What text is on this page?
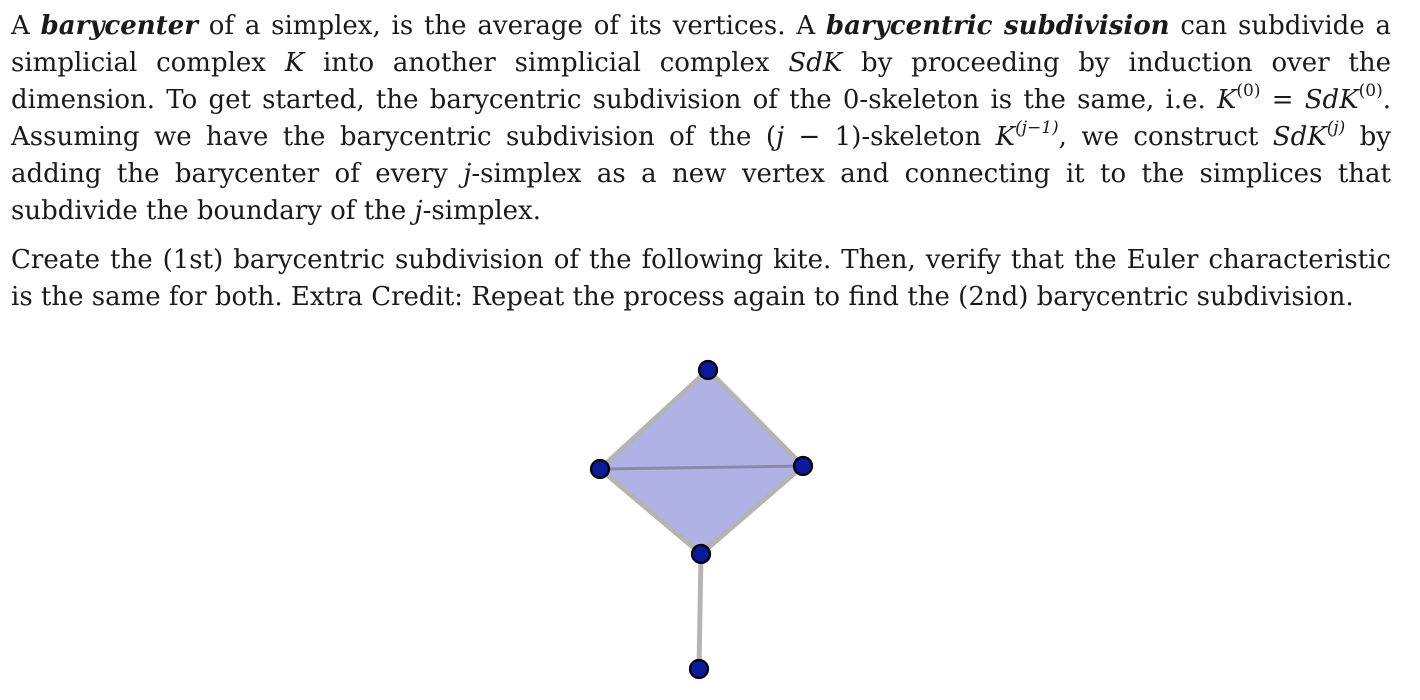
A barycenter of a simplex, is the average of its vertices. A barycentric subdivision can subdivide a simplicial complex K into another simplicial complex SdK by proceeding by induction over the dimension. To get started, the barycentric subdivision of the 0-skeleton is the same, i.e. $K^{(0)} = SdK^{(0)}$. Assuming we have the barycentric subdivision of the (j − 1)-skeleton $K^{(j-1)}$, we construct SdK$^{(j)}$ by adding the barycenter of every j-simplex as a new vertex and connecting it to the simplices that subdivide the boundary of the j-simplex.

Create the (1st) barycentric subdivision of the following kite. Then, verify that the Euler characteristic is the same for both. Extra Credit: Repeat the process again to find the (2nd) barycentric subdivision.
